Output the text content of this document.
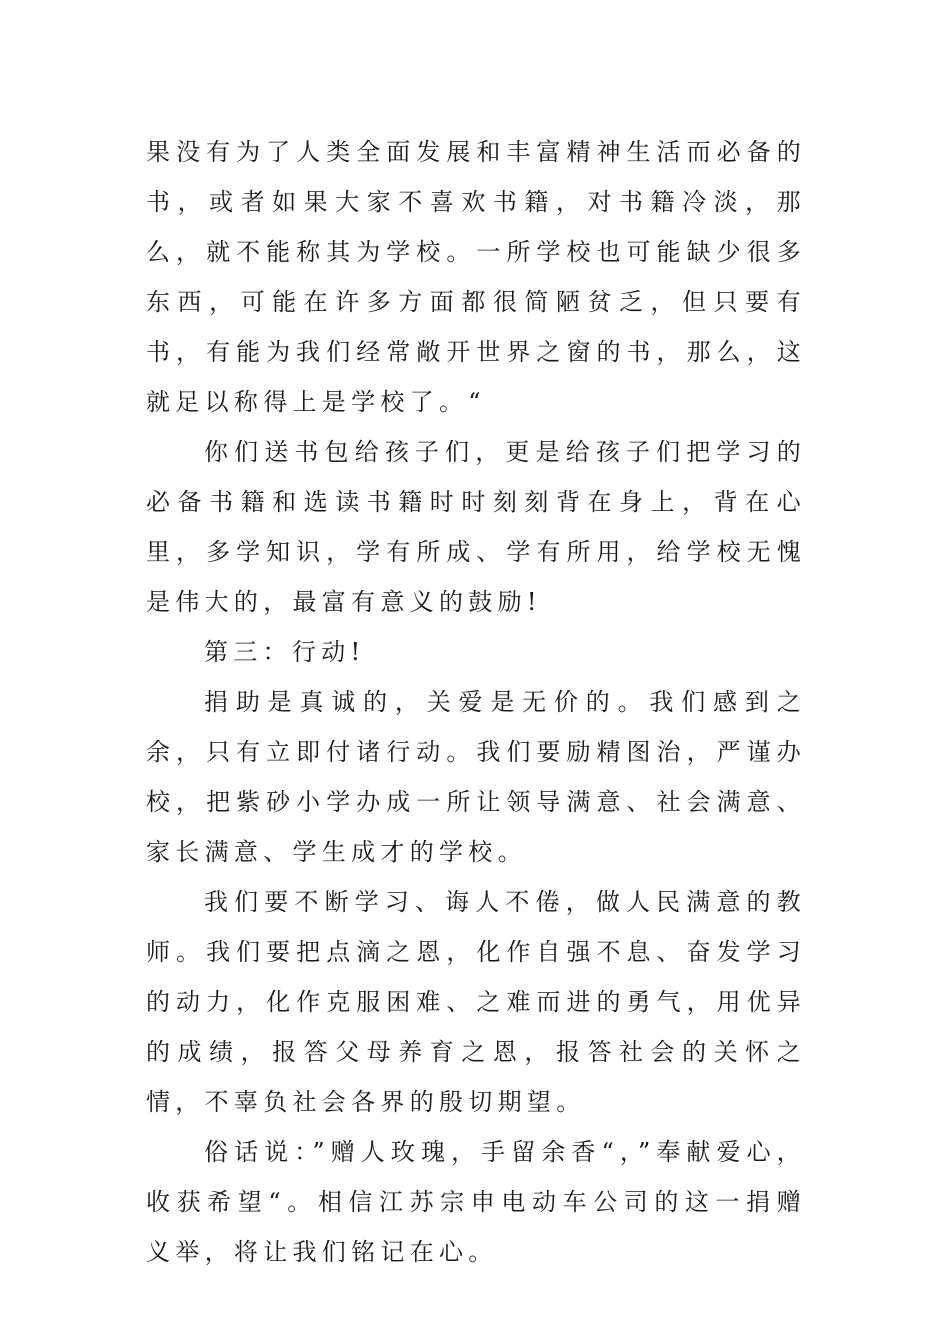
果没有为了人类全面发展和丰富精神生活而必备的书，或者如果大家不喜欢书籍，对书籍冷淡，那么，就不能称其为学校。一所学校也可能缺少很多东西，可能在许多方面都很简陋贫乏，但只要有书，有能为我们经常敞开世界之窗的书，那么，这就足以称得上是学校了。“

你们送书包给孩子们，更是给孩子们把学习的必备书籍和选读书籍时时刻刻背在身上，背在心里，多学知识，学有所成、学有所用，给学校无愧是伟大的，最富有意义的鼓励!

第三：行动!

捐助是真诚的，关爱是无价的。我们感到之余，只有立即付诸行动。我们要励精图治，严谨办校，把紫砂小学办成一所让领导满意、社会满意、家长满意、学生成才的学校。

我们要不断学习、诲人不倦，做人民满意的教师。我们要把点滴之恩，化作自强不息、奋发学习的动力，化作克服困难、之难而进的勇气，用优异的成绩，报答父母养育之恩，报答社会的关怀之情，不辜负社会各界的殷切期望。

俗话说：”赠人玫瑰，手留余香“，”奉献爱心，收获希望“。相信江苏宗申电动车公司的这一捐赠义举，将让我们铭记在心。
